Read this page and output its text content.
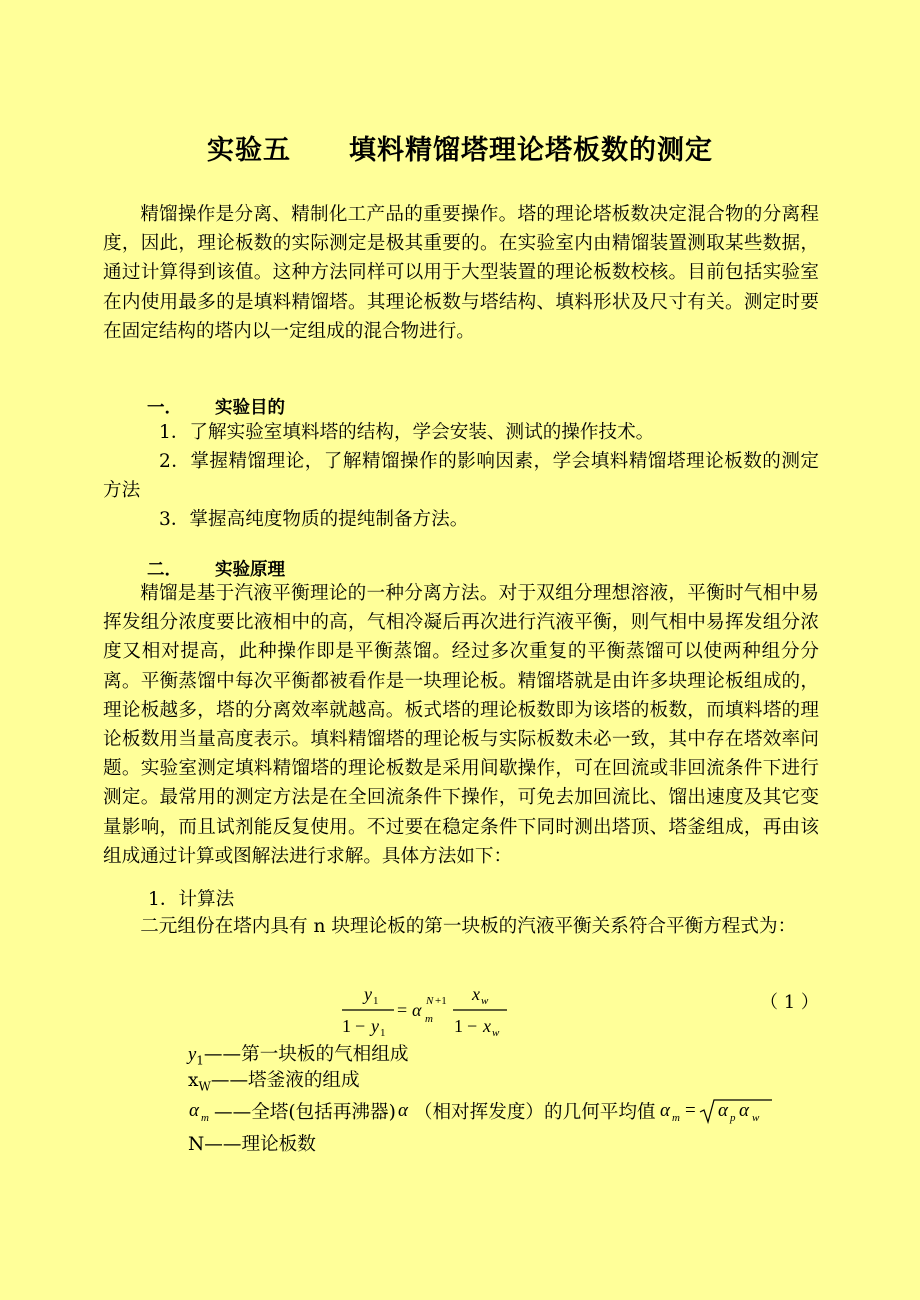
实验五 填料精馏塔理论塔板数的测定
精馏操作是分离、精制化工产品的重要操作。塔的理论塔板数决定混合物的分离程度，因此，理论板数的实际测定是极其重要的。在实验室内由精馏装置测取某些数据，通过计算得到该值。这种方法同样可以用于大型装置的理论板数校核。目前包括实验室在内使用最多的是填料精馏塔。其理论板数与塔结构、填料形状及尺寸有关。测定时要在固定结构的塔内以一定组成的混合物进行。
一． 实验目的
1．了解实验室填料塔的结构，学会安装、测试的操作技术。
2．掌握精馏理论，了解精馏操作的影响因素，学会填料精馏塔理论板数的测定方法
3．掌握高纯度物质的提纯制备方法。
二． 实验原理
精馏是基于汽液平衡理论的一种分离方法。对于双组分理想溶液，平衡时气相中易挥发组分浓度要比液相中的高，气相冷凝后再次进行汽液平衡，则气相中易挥发组分浓度又相对提高，此种操作即是平衡蒸馏。经过多次重复的平衡蒸馏可以使两种组分分离。平衡蒸馏中每次平衡都被看作是一块理论板。精馏塔就是由许多块理论板组成的，理论板越多，塔的分离效率就越高。板式塔的理论板数即为该塔的板数，而填料塔的理论板数用当量高度表示。填料精馏塔的理论板与实际板数未必一致，其中存在塔效率问题。实验室测定填料精馏塔的理论板数是采用间歇操作，可在回流或非回流条件下进行测定。最常用的测定方法是在全回流条件下操作，可免去加回流比、馏出速度及其它变量影响，而且试剂能反复使用。不过要在稳定条件下同时测出塔顶、塔釜组成，再由该组成通过计算或图解法进行求解。具体方法如下：
1．计算法
二元组份在塔内具有 n 块理论板的第一块板的汽液平衡关系符合平衡方程式为：
y 1
1 − y 1
= α m
N +1 x w
1 − x w
（ 1 ）
$y_1——$第一块板的气相组成
$x_W——$塔釜液的组成
α m ——全塔(包括再沸器) α （相对挥发度）的几何平均值 α m = α p α w
N——理论板数
